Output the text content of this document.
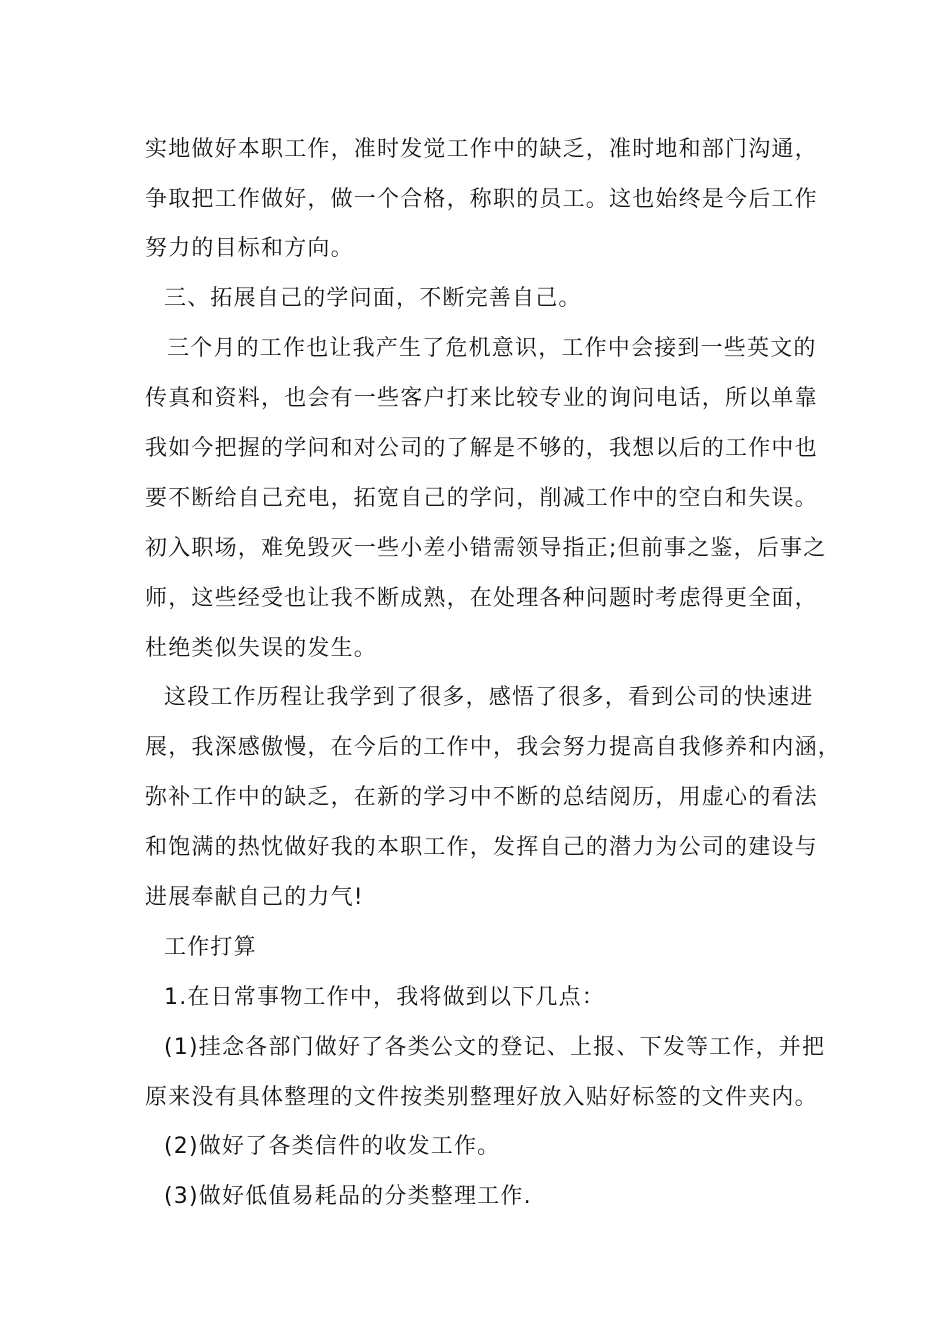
实地做好本职工作，准时发觉工作中的缺乏，准时地和部门沟通，

争取把工作做好，做一个合格，称职的员工。这也始终是今后工作

努力的目标和方向。

三、拓展自己的学问面，不断完善自己。

三个月的工作也让我产生了危机意识，工作中会接到一些英文的

传真和资料，也会有一些客户打来比较专业的询问电话，所以单靠

我如今把握的学问和对公司的了解是不够的，我想以后的工作中也

要不断给自己充电，拓宽自己的学问，削减工作中的空白和失误。

初入职场，难免毁灭一些小差小错需领导指正;但前事之鉴，后事之

师，这些经受也让我不断成熟，在处理各种问题时考虑得更全面，

杜绝类似失误的发生。

这段工作历程让我学到了很多，感悟了很多，看到公司的快速进

展，我深感傲慢，在今后的工作中，我会努力提高自我修养和内涵，

弥补工作中的缺乏，在新的学习中不断的总结阅历，用虚心的看法

和饱满的热忱做好我的本职工作，发挥自己的潜力为公司的建设与

进展奉献自己的力气!

工作打算

1.在日常事物工作中，我将做到以下几点：

(1)挂念各部门做好了各类公文的登记、上报、下发等工作，并把

原来没有具体整理的文件按类别整理好放入贴好标签的文件夹内。

(2)做好了各类信件的收发工作。

(3)做好低值易耗品的分类整理工作.
